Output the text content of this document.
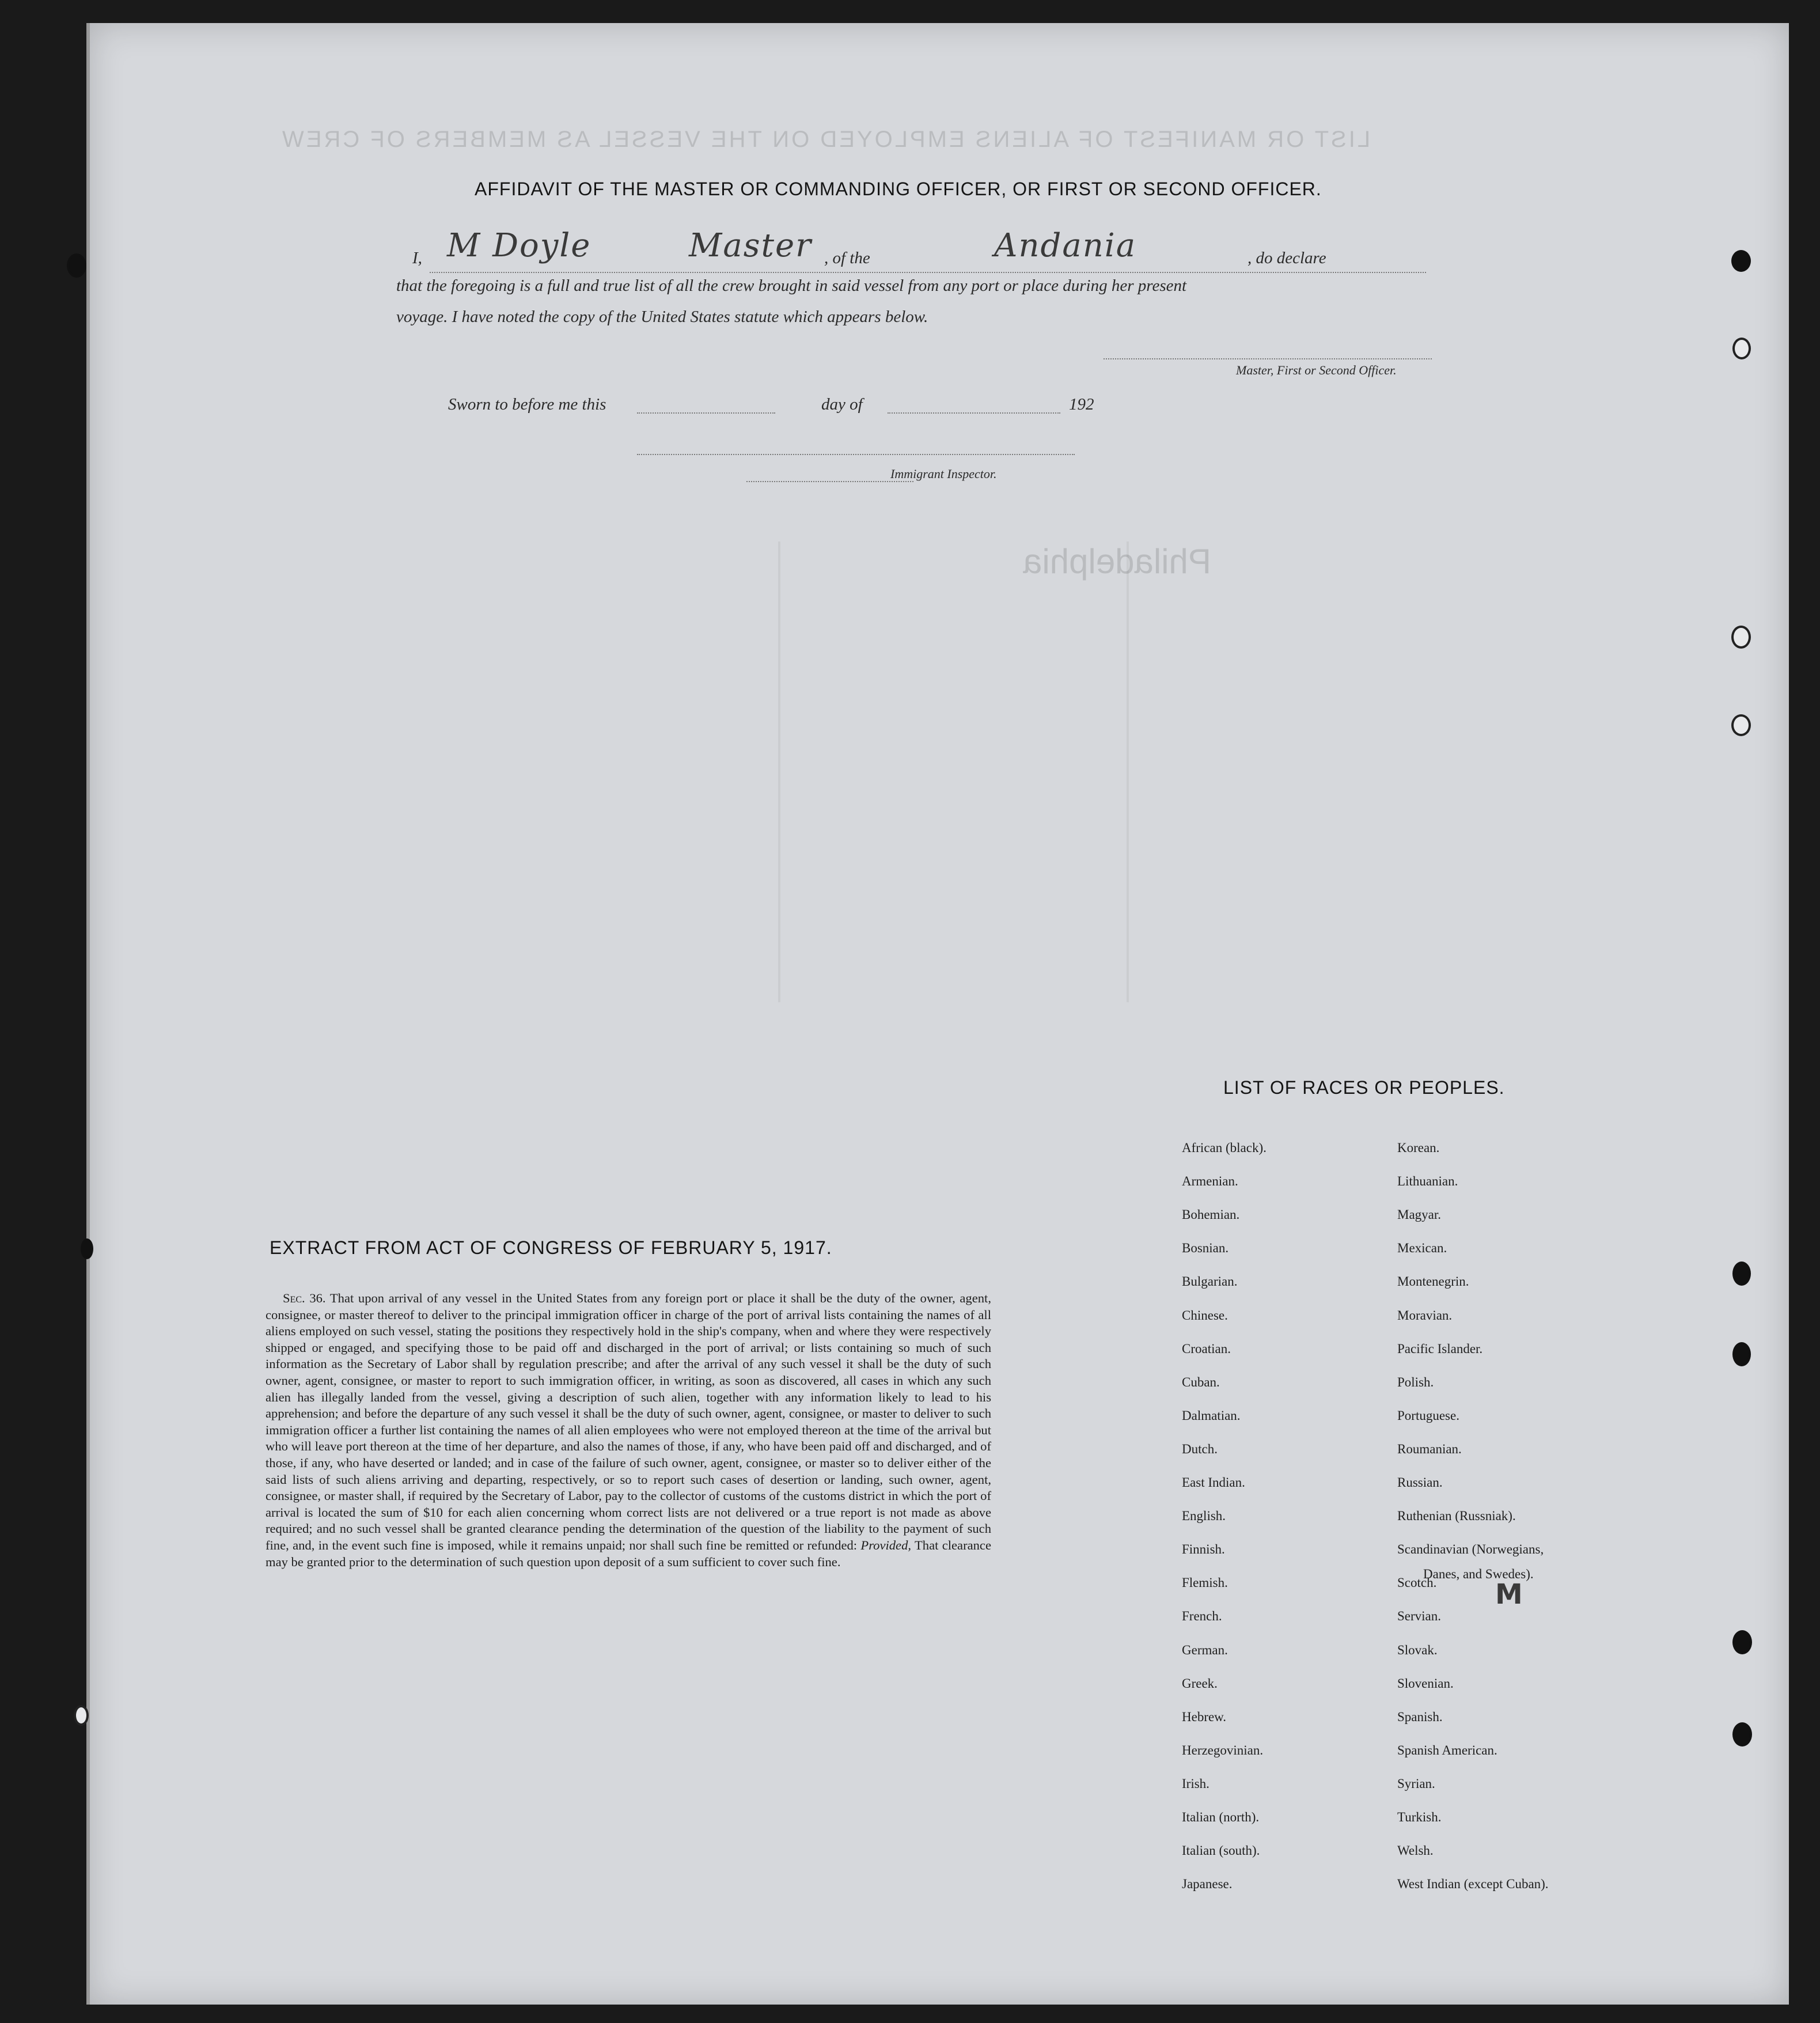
LIST OR MANIFEST OF ALIENS EMPLOYED ON THE VESSEL AS MEMBERS OF CREW
Philadelphia
AFFIDAVIT OF THE MASTER OR COMMANDING OFFICER, OR FIRST OR SECOND OFFICER.
I, M Doyle	Master , of the	Andania	, do declare
that the foregoing is a full and true list of all the crew brought in said vessel from any port or place during her present
voyage. I have noted the copy of the United States statute which appears below.
Master, First or Second Officer.
Sworn to before me this	day of	192
Immigrant Inspector.
EXTRACT FROM ACT OF CONGRESS OF FEBRUARY 5, 1917.
Sec. 36. That upon arrival of any vessel in the United States from any foreign port or place it shall be the duty of the owner, agent, consignee, or master thereof to deliver to the principal immigration officer in charge of the port of arrival lists containing the names of all aliens employed on such vessel, stating the positions they respectively hold in the ship's company, when and where they were respectively shipped or engaged, and specifying those to be paid off and discharged in the port of arrival; or lists containing so much of such information as the Secretary of Labor shall by regulation prescribe; and after the arrival of any such vessel it shall be the duty of such owner, agent, consignee, or master to report to such immigration officer, in writing, as soon as discovered, all cases in which any such alien has illegally landed from the vessel, giving a description of such alien, together with any information likely to lead to his apprehension; and before the departure of any such vessel it shall be the duty of such owner, agent, consignee, or master to deliver to such immigration officer a further list containing the names of all alien employees who were not employed thereon at the time of the arrival but who will leave port thereon at the time of her departure, and also the names of those, if any, who have been paid off and discharged, and of those, if any, who have deserted or landed; and in case of the failure of such owner, agent, consignee, or master so to deliver either of the said lists of such aliens arriving and departing, respectively, or so to report such cases of desertion or landing, such owner, agent, consignee, or master shall, if required by the Secretary of Labor, pay to the collector of customs of the customs district in which the port of arrival is located the sum of $10 for each alien concerning whom correct lists are not delivered or a true report is not made as above required; and no such vessel shall be granted clearance pending the determination of the question of the liability to the payment of such fine, and, in the event such fine is imposed, while it remains unpaid; nor shall such fine be remitted or refunded: Provided, That clearance may be granted prior to the determination of such question upon deposit of a sum sufficient to cover such fine.
LIST OF RACES OR PEOPLES.
African (black).
Armenian.
Bohemian.
Bosnian.
Bulgarian.
Chinese.
Croatian.
Cuban.
Dalmatian.
Dutch.
East Indian.
English.
Finnish.
Flemish.
French.
German.
Greek.
Hebrew.
Herzegovinian.
Irish.
Italian (north).
Italian (south).
Japanese.
Korean.
Lithuanian.
Magyar.
Mexican.
Montenegrin.
Moravian.
Pacific Islander.
Polish.
Portuguese.
Roumanian.
Russian.
Ruthenian (Russniak).
Scandinavian (Norwegians,
Scotch.
Servian.
Slovak.
Slovenian.
Spanish.
Spanish American.
Syrian.
Turkish.
Welsh.
West Indian (except Cuban).
Danes, and Swedes).
M
